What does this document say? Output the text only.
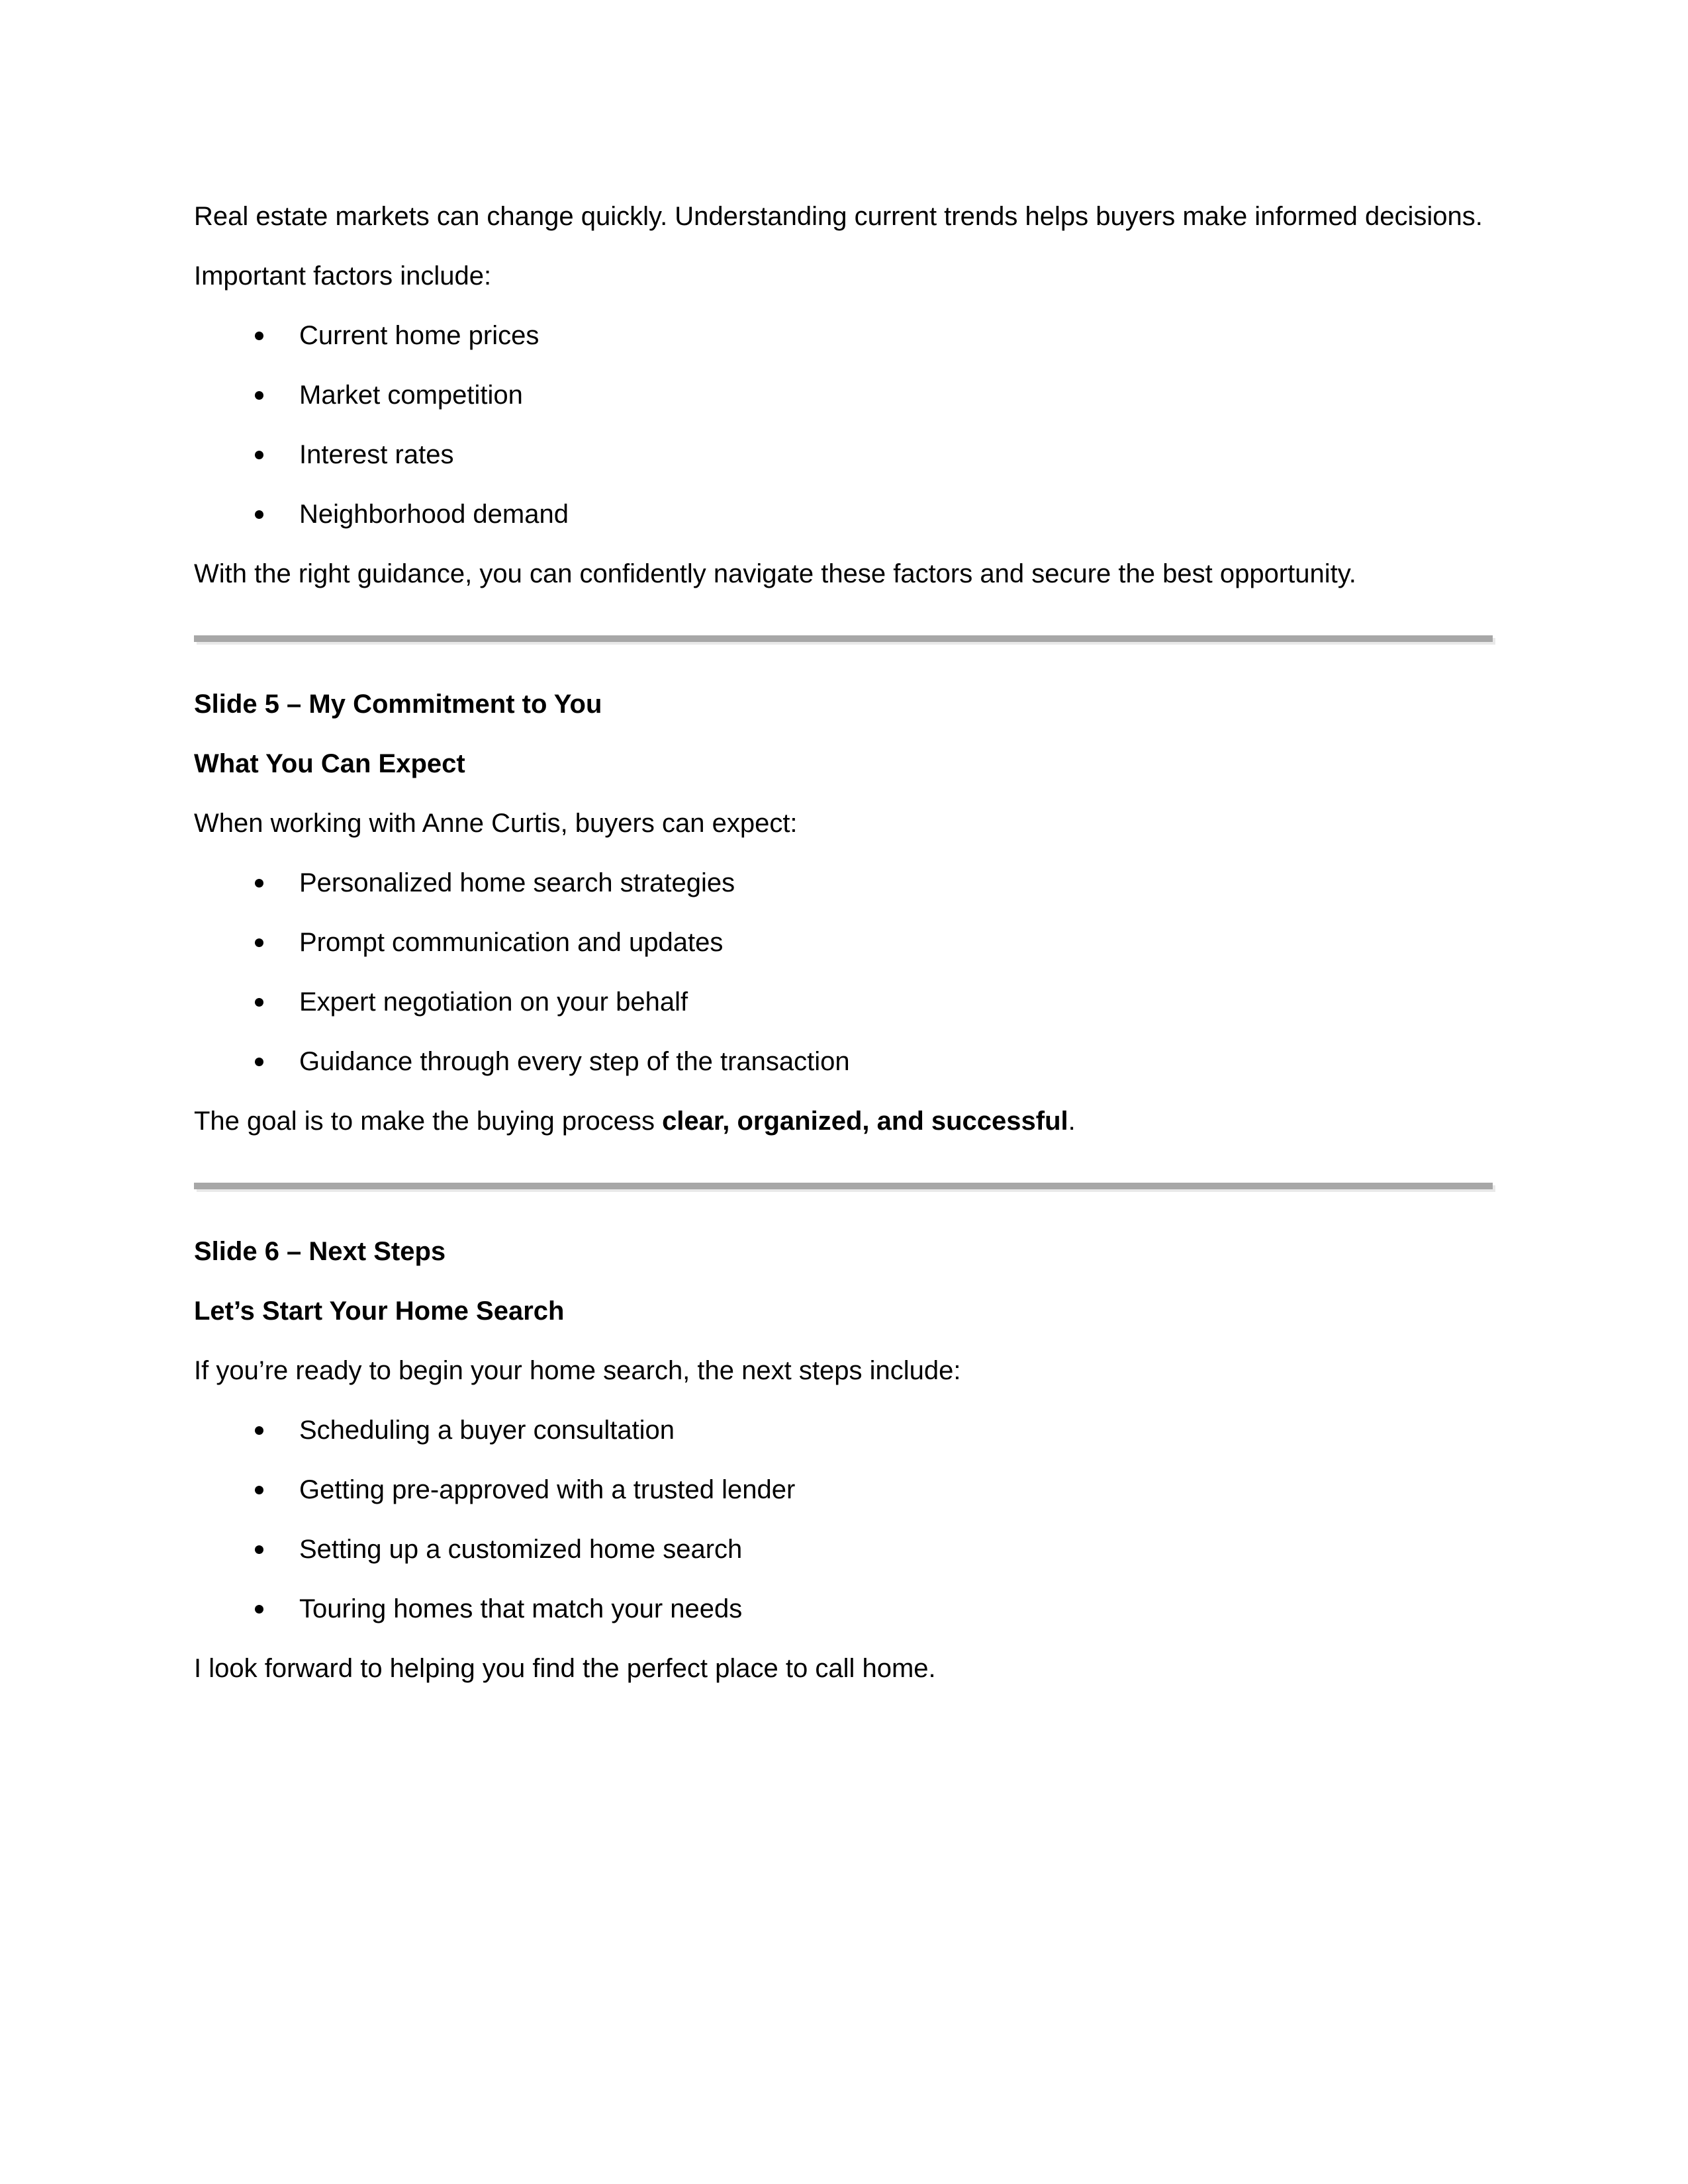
Real estate markets can change quickly. Understanding current trends helps buyers make informed decisions.

Important factors include:

Current home prices
Market competition
Interest rates
Neighborhood demand

With the right guidance, you can confidently navigate these factors and secure the best opportunity.

Slide 5 – My Commitment to You

What You Can Expect

When working with Anne Curtis, buyers can expect:

Personalized home search strategies
Prompt communication and updates
Expert negotiation on your behalf
Guidance through every step of the transaction

The goal is to make the buying process clear, organized, and successful.

Slide 6 – Next Steps

Let’s Start Your Home Search

If you’re ready to begin your home search, the next steps include:

Scheduling a buyer consultation
Getting pre-approved with a trusted lender
Setting up a customized home search
Touring homes that match your needs

I look forward to helping you find the perfect place to call home.
